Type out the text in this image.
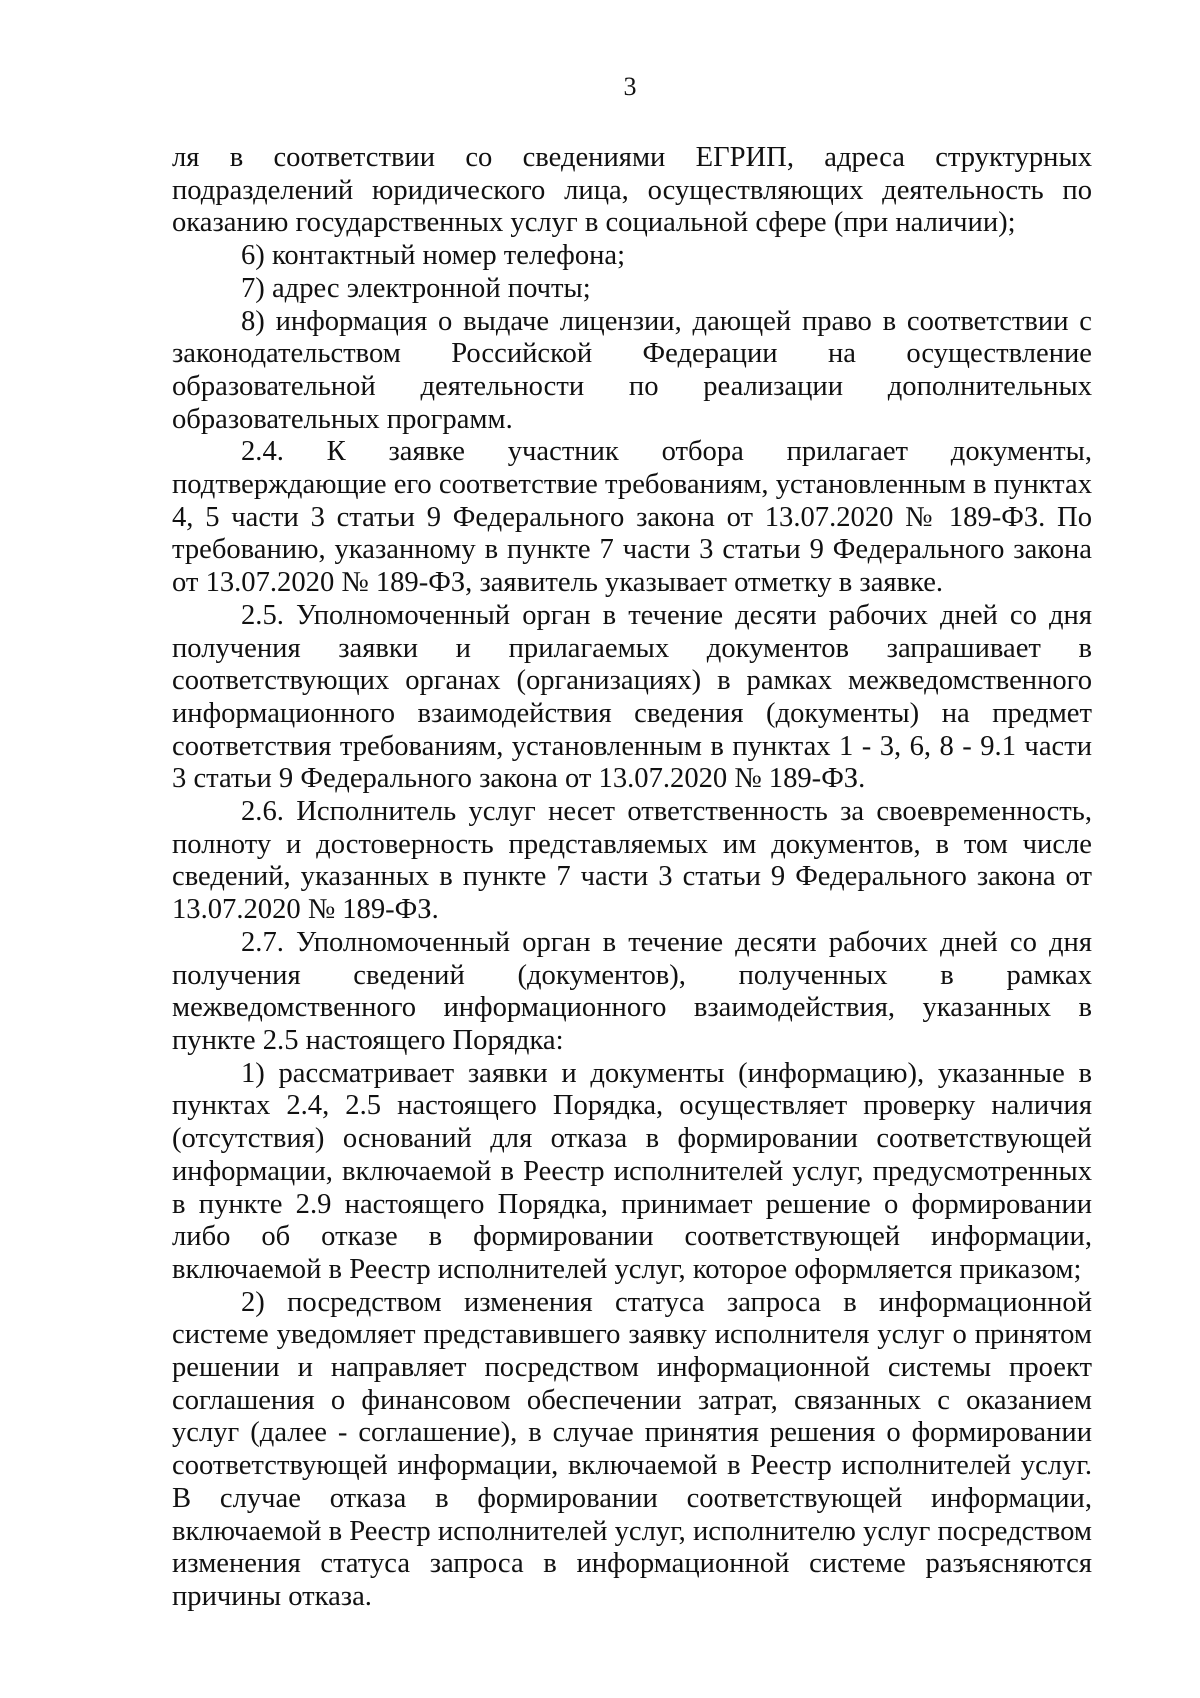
3

ля в соответствии со сведениями ЕГРИП, адреса структурных подразделений юридического лица, осуществляющих деятельность по оказанию государственных услуг в социальной сфере (при наличии);

6) контактный номер телефона;

7) адрес электронной почты;

8) информация о выдаче лицензии, дающей право в соответствии с законодательством Российской Федерации на осуществление образовательной деятельности по реализации дополнительных образовательных программ.

2.4. К заявке участник отбора прилагает документы, подтверждающие его соответствие требованиям, установленным в пунктах 4, 5 части 3 статьи 9 Федерального закона от 13.07.2020 № 189-ФЗ. По требованию, указанному в пункте 7 части 3 статьи 9 Федерального закона от 13.07.2020 № 189-ФЗ, заявитель указывает отметку в заявке.

2.5. Уполномоченный орган в течение десяти рабочих дней со дня получения заявки и прилагаемых документов запрашивает в соответствующих органах (организациях) в рамках межведомственного информационного взаимодействия сведения (документы) на предмет соответствия требованиям, установленным в пунктах 1 - 3, 6, 8 - 9.1 части 3 статьи 9 Федерального закона от 13.07.2020 № 189-ФЗ.

2.6. Исполнитель услуг несет ответственность за своевременность, полноту и достоверность представляемых им документов, в том числе сведений, указанных в пункте 7 части 3 статьи 9 Федерального закона от 13.07.2020 № 189-ФЗ.

2.7. Уполномоченный орган в течение десяти рабочих дней со дня получения сведений (документов), полученных в рамках межведомственного информационного взаимодействия, указанных в пункте 2.5 настоящего Порядка:

1) рассматривает заявки и документы (информацию), указанные в пунктах 2.4, 2.5 настоящего Порядка, осуществляет проверку наличия (отсутствия) оснований для отказа в формировании соответствующей информации, включаемой в Реестр исполнителей услуг, предусмотренных в пункте 2.9 настоящего Порядка, принимает решение о формировании либо об отказе в формировании соответствующей информации, включаемой в Реестр исполнителей услуг, которое оформляется приказом;

2) посредством изменения статуса запроса в информационной системе уведомляет представившего заявку исполнителя услуг о принятом решении и направляет посредством информационной системы проект соглашения о финансовом обеспечении затрат, связанных с оказанием услуг (далее - соглашение), в случае принятия решения о формировании соответствующей информации, включаемой в Реестр исполнителей услуг. В случае отказа в формировании соответствующей информации, включаемой в Реестр исполнителей услуг, исполнителю услуг посредством изменения статуса запроса в информационной системе разъясняются причины отказа.
